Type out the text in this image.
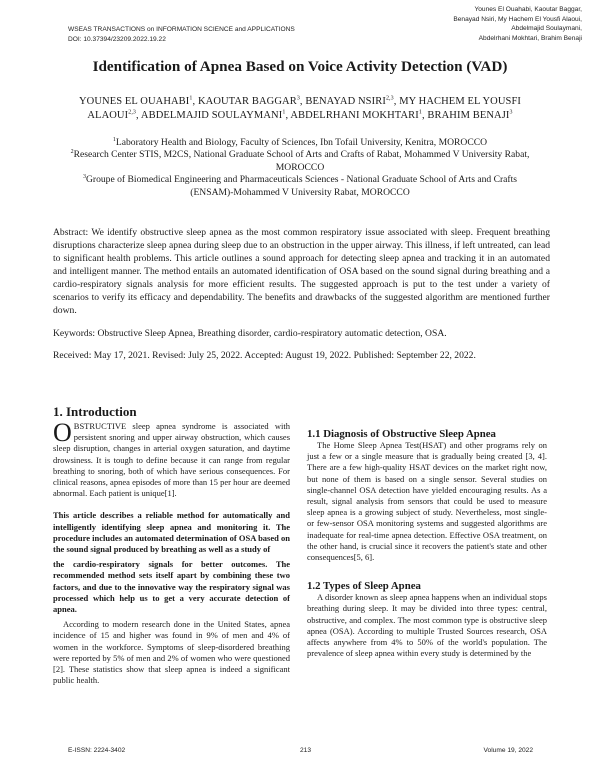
WSEAS TRANSACTIONS on INFORMATION SCIENCE and APPLICATIONS
DOI: 10.37394/23209.2022.19.22
Younes El Ouahabi, Kaoutar Baggar,
Benayad Nsiri, My Hachem El Yousfi Alaoui,
Abdelmajid Soulaymani,
Abdelrhani Mokhtari, Brahim Benaji
Identification of Apnea Based on Voice Activity Detection (VAD)
YOUNES EL OUAHABI$^1$, KAOUTAR BAGGAR$^3$, BENAYAD NSIRI$^{2,3}$, MY HACHEM EL YOUSFI
ALAOUI$^{2,3}$, ABDELMAJID SOULAYMANI$^1$, ABDELRHANI MOKHTARI$^1$, BRAHIM BENAJI$^3$
$^1$Laboratory Health and Biology, Faculty of Sciences, Ibn Tofail University, Kenitra, MOROCCO
$^2$Research Center STIS, M2CS, National Graduate School of Arts and Crafts of Rabat, Mohammed V University Rabat, MOROCCO
$^3$Groupe of Biomedical Engineering and Pharmaceuticals Sciences - National Graduate School of Arts and Crafts (ENSAM)-Mohammed V University Rabat, MOROCCO
Abstract: We identify obstructive sleep apnea as the most common respiratory issue associated with sleep. Frequent breathing disruptions characterize sleep apnea during sleep due to an obstruction in the upper airway. This illness, if left untreated, can lead to significant health problems. This article outlines a sound approach for detecting sleep apnea and tracking it in an automated and intelligent manner. The method entails an automated identification of OSA based on the sound signal during breathing and a cardio-respiratory signals analysis for more efficient results. The suggested approach is put to the test under a variety of scenarios to verify its efficacy and dependability. The benefits and drawbacks of the suggested algorithm are mentioned further down.
Keywords: Obstructive Sleep Apnea, Breathing disorder, cardio-respiratory automatic detection, OSA.
Received: May 17, 2021. Revised: July 25, 2022. Accepted: August 19, 2022. Published: September 22, 2022.
1. Introduction

OBSTRUCTIVE sleep apnea syndrome is associated with persistent snoring and upper airway obstruction, which causes sleep disruption, changes in arterial oxygen saturation, and daytime drowsiness. It is tough to define because it can range from regular breathing to snoring, both of which have serious consequences. For clinical reasons, apnea episodes of more than 15 per hour are deemed abnormal. Each patient is unique[1].

This article describes a reliable method for automatically and intelligently identifying sleep apnea and monitoring it. The procedure includes an automated determination of OSA based on the sound signal produced by breathing as well as a study of

the cardio-respiratory signals for better outcomes. The recommended method sets itself apart by combining these two factors, and due to the innovative way the respiratory signal was processed which help us to get a very accurate detection of apnea.

According to modern research done in the United States, apnea incidence of 15 and higher was found in 9% of men and 4% of women in the workforce. Symptoms of sleep-disordered breathing were reported by 5% of men and 2% of women who were questioned [2]. These statistics show that sleep apnea is indeed a significant public health.

1.1 Diagnosis of Obstructive Sleep Apnea

The Home Sleep Apnea Test(HSAT) and other programs rely on just a few or a single measure that is gradually being created [3, 4]. There are a few high-quality HSAT devices on the market right now, but none of them is based on a single sensor. Several studies on single-channel OSA detection have yielded encouraging results. As a result, signal analysis from sensors that could be used to measure sleep apnea is a growing subject of study. Nevertheless, most single- or few-sensor OSA monitoring systems and suggested algorithms are inadequate for real-time apnea detection. Effective OSA treatment, on the other hand, is crucial since it recovers the patient's state and other consequences[5, 6].

1.2 Types of Sleep Apnea

A disorder known as sleep apnea happens when an individual stops breathing during sleep. It may be divided into three types: central, obstructive, and complex. The most common type is obstructive sleep apnea (OSA). According to multiple Trusted Sources research, OSA affects anywhere from 4% to 50% of the world's population. The prevalence of sleep apnea within every study is determined by the

E-ISSN: 2224-3402	213	Volume 19, 2022
